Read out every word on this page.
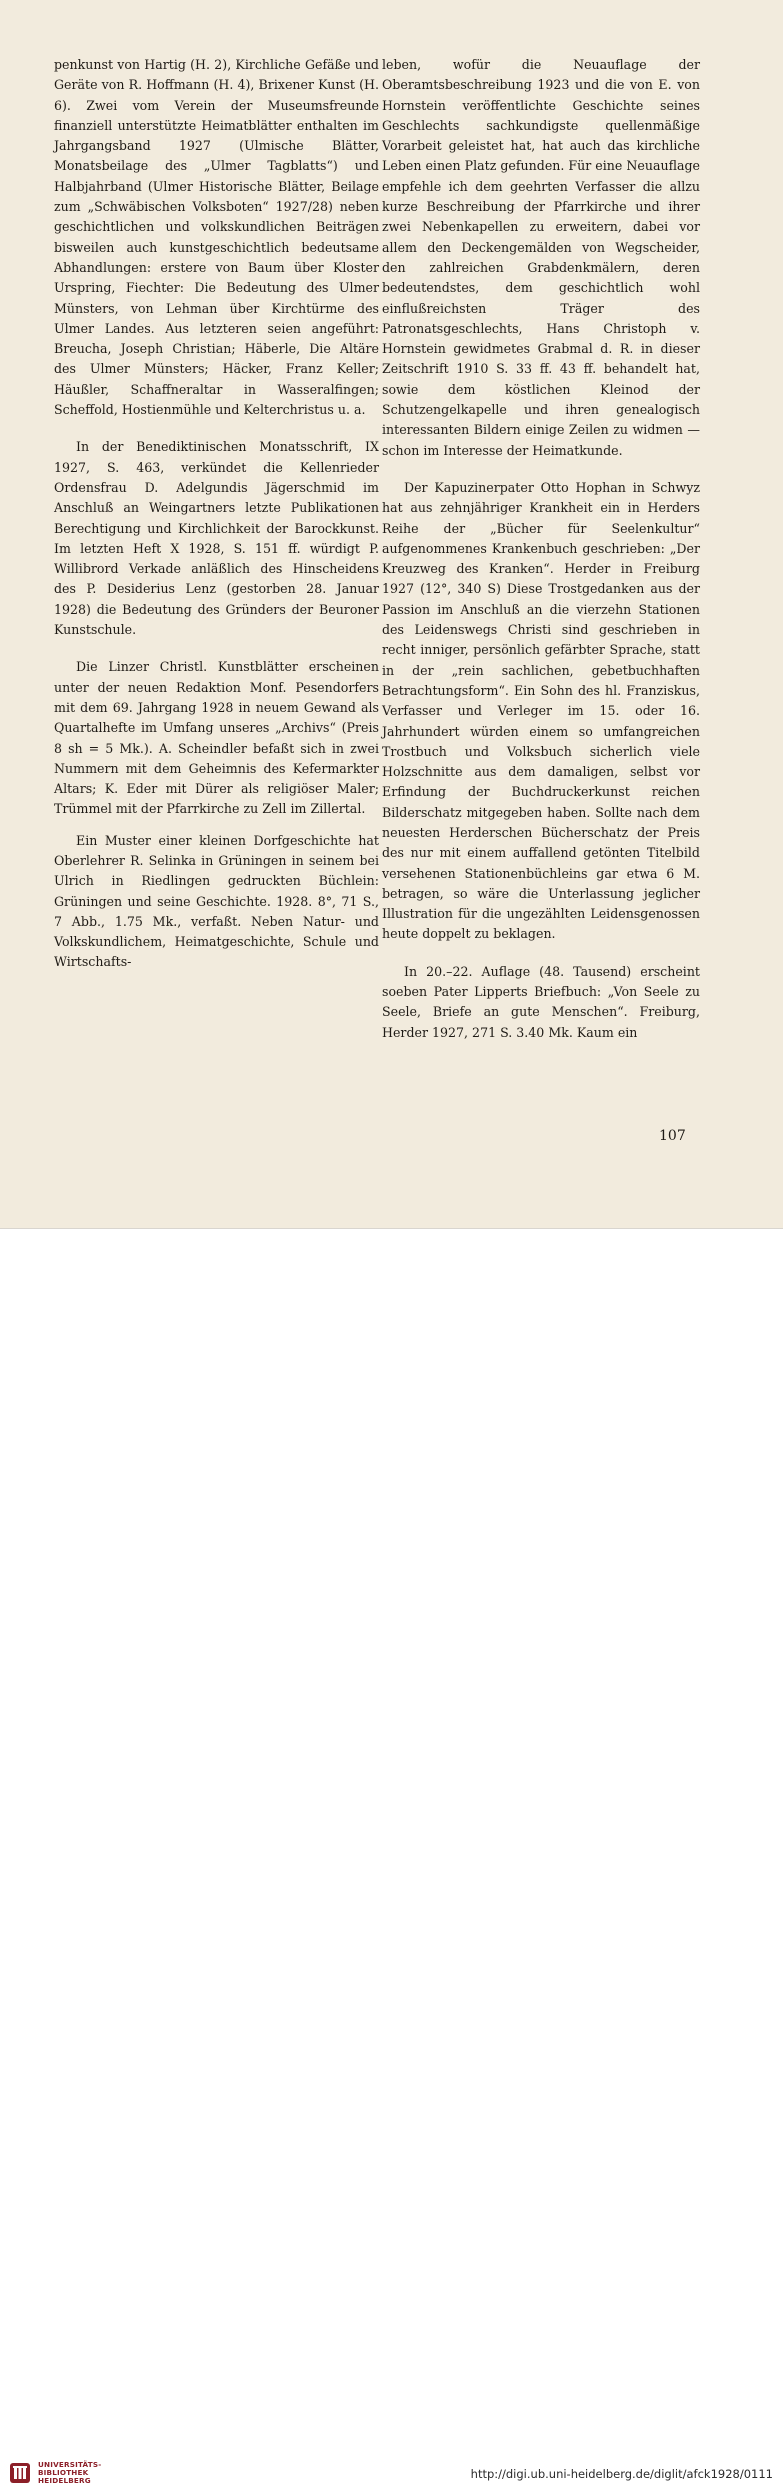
penkunst von Hartig (H. 2), Kirchliche Gefäße und Geräte von R. Hoffmann (H. 4), Brixener Kunst (H. 6). Zwei vom Verein der Museumsfreunde finanziell unterstützte Heimatblätter enthalten im Jahrgangsband 1927 (Ulmische Blätter, Monatsbeilage des „Ulmer Tagblatts“) und Halbjahrband (Ulmer Historische Blätter, Beilage zum „Schwäbischen Volksboten“ 1927/28) neben geschichtlichen und volkskundlichen Beiträgen bisweilen auch kunstgeschichtlich bedeutsame Abhandlungen: erstere von Baum über Kloster Urspring, Fiechter: Die Bedeutung des Ulmer Münsters, von Lehman über Kirchtürme des Ulmer Landes. Aus letzteren seien angeführt: Breucha, Joseph Christian; Häberle, Die Altäre des Ulmer Münsters; Häcker, Franz Keller; Häußler, Schaffneraltar in Wasseralfingen; Scheffold, Hostienmühle und Kelterchristus u. a.

In der Benediktinischen Monatsschrift, IX 1927, S. 463, verkündet die Kellenrieder Ordensfrau D. Adelgundis Jägerschmid im Anschluß an Weingartners letzte Publikationen Berechtigung und Kirchlichkeit der Barockkunst. Im letzten Heft X 1928, S. 151 ff. würdigt P. Willibrord Verkade anläßlich des Hinscheidens des P. Desiderius Lenz (gestorben 28. Januar 1928) die Bedeutung des Gründers der Beuroner Kunstschule.

Die Linzer Christl. Kunstblätter erscheinen unter der neuen Redaktion Monf. Pesendorfers mit dem 69. Jahrgang 1928 in neuem Gewand als Quartalhefte im Umfang unseres „Archivs“ (Preis 8 sh = 5 Mk.). A. Scheindler befaßt sich in zwei Nummern mit dem Geheimnis des Kefermarkter Altars; K. Eder mit Dürer als religiöser Maler; Trümmel mit der Pfarrkirche zu Zell im Zillertal.

Ein Muster einer kleinen Dorfgeschichte hat Oberlehrer R. Selinka in Grüningen in seinem bei Ulrich in Riedlingen gedruckten Büchlein: Grüningen und seine Geschichte. 1928. 8°, 71 S., 7 Abb., 1.75 Mk., verfaßt. Neben Natur- und Volkskundlichem, Heimatgeschichte, Schule und Wirtschafts-

leben, wofür die Neuauflage der Oberamtsbeschreibung 1923 und die von E. von Hornstein veröffentlichte Geschichte seines Geschlechts sachkundigste quellenmäßige Vorarbeit geleistet hat, hat auch das kirchliche Leben einen Platz gefunden. Für eine Neuauflage empfehle ich dem geehrten Verfasser die allzu kurze Beschreibung der Pfarrkirche und ihrer zwei Nebenkapellen zu erweitern, dabei vor allem den Deckengemälden von Wegscheider, den zahlreichen Grabdenkmälern, deren bedeutendstes, dem geschichtlich wohl einflußreichsten Träger des Patronatsgeschlechts, Hans Christoph v. Hornstein gewidmetes Grabmal d. R. in dieser Zeitschrift 1910 S. 33 ff. 43 ff. behandelt hat, sowie dem köstlichen Kleinod der Schutzengelkapelle und ihren genealogisch interessanten Bildern einige Zeilen zu widmen — schon im Interesse der Heimatkunde.

Der Kapuzinerpater Otto Hophan in Schwyz hat aus zehnjähriger Krankheit ein in Herders Reihe der „Bücher für Seelenkultur“ aufgenommenes Krankenbuch geschrieben: „Der Kreuzweg des Kranken“. Herder in Freiburg 1927 (12°, 340 S) Diese Trostgedanken aus der Passion im Anschluß an die vierzehn Stationen des Leidenswegs Christi sind geschrieben in recht inniger, persönlich gefärbter Sprache, statt in der „rein sachlichen, gebetbuchhaften Betrachtungsform“. Ein Sohn des hl. Franziskus, Verfasser und Verleger im 15. oder 16. Jahrhundert würden einem so umfangreichen Trostbuch und Volksbuch sicherlich viele Holzschnitte aus dem damaligen, selbst vor Erfindung der Buchdruckerkunst reichen Bilderschatz mitgegeben haben. Sollte nach dem neuesten Herderschen Bücherschatz der Preis des nur mit einem auffallend getönten Titelbild versehenen Stationenbüchleins gar etwa 6 M. betragen, so wäre die Unterlassung jeglicher Illustration für die ungezählten Leidensgenossen heute doppelt zu beklagen.

In 20.–22. Auflage (48. Tausend) erscheint soeben Pater Lipperts Briefbuch: „Von Seele zu Seele, Briefe an gute Menschen“. Freiburg, Herder 1927, 271 S. 3.40 Mk. Kaum ein

107
UNIVERSITÄTS-
BIBLIOTHEK
HEIDELBERG	http://digi.ub.uni-heidelberg.de/diglit/afck1928/0111
